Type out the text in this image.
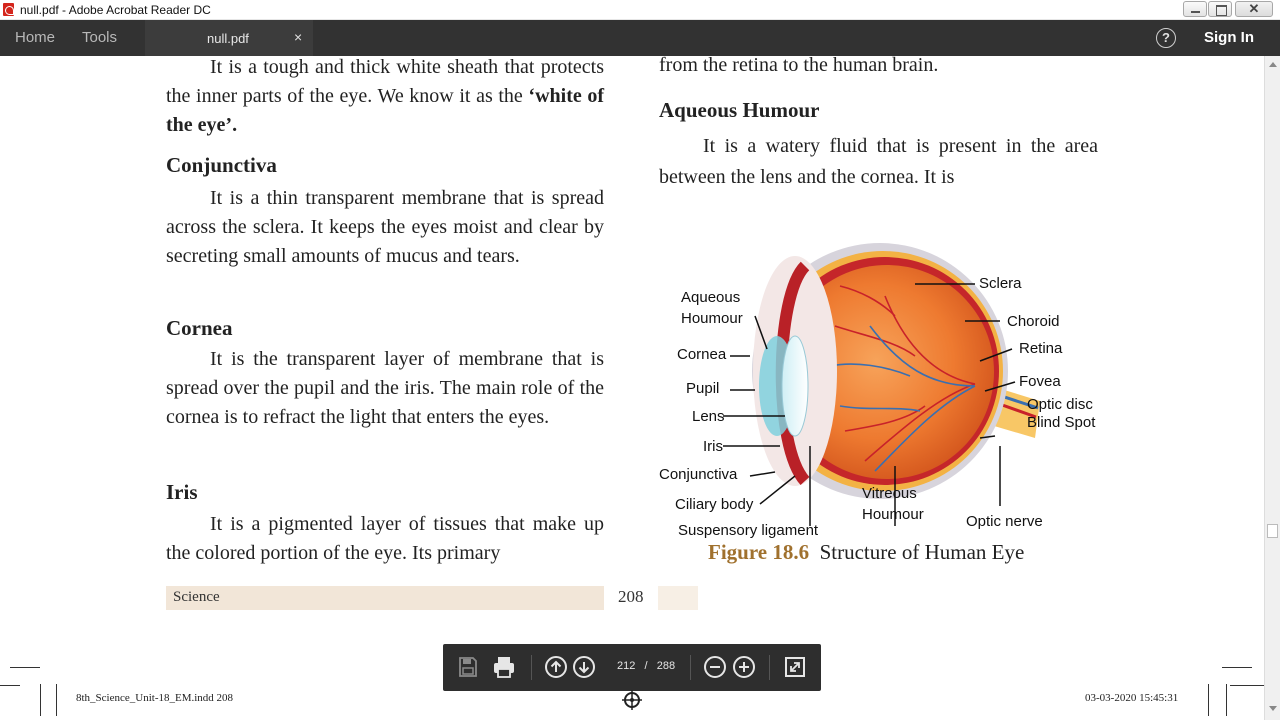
null.pdf - Adobe Acrobat Reader DC	✕
Home Tools	null.pdf	×	?	Sign In
It is a tough and thick white sheath that protects the inner parts of the eye. We know it as the ‘white of the eye’.
Conjunctiva
It is a thin transparent membrane that is spread across the sclera. It keeps the eyes moist and clear by secreting small amounts of mucus and tears.
Cornea
It is the transparent layer of membrane that is spread over the pupil and the iris. The main role of the cornea is to refract the light that enters the eyes.
Iris
It is a pigmented layer of tissues that make up the colored portion of the eye. Its primary
from the retina to the human brain.
Aqueous Humour
It is a watery fluid that is present in the area between the lens and the cornea. It is
Sclera
Aqueous
Houmour	Choroid
Retina
Cornea
Fovea
Pupil
Optic disc
Blind Spot
Lens
Iris
Conjunctiva
Ciliary body
Optic nerve
Suspensory ligament
Vitreous
Houmour
Figure 18.6 Structure of Human Eye
Science	208
8th_Science_Unit-18_EM.indd 208	03-03-2020 15:45:31
212 / 288
